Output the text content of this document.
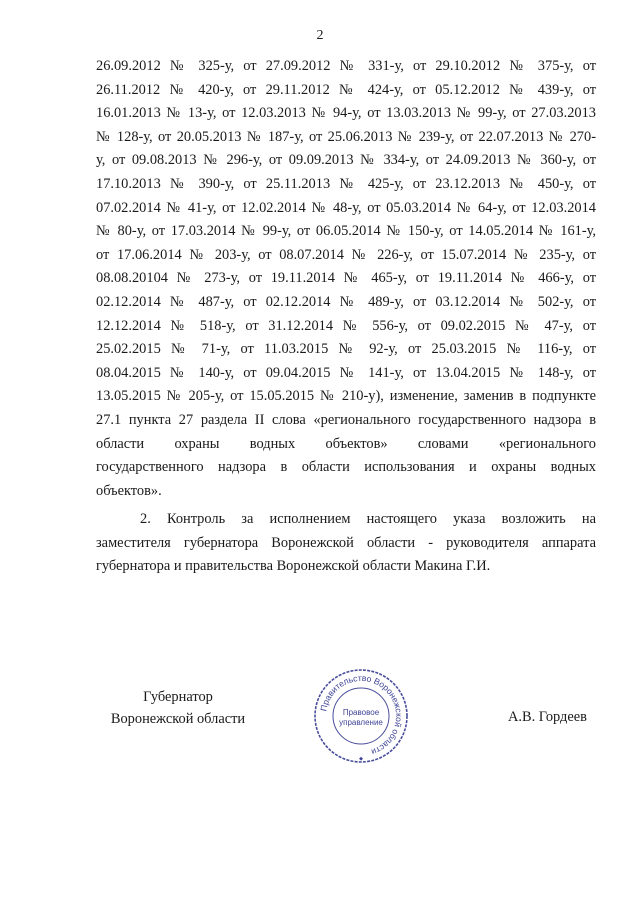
2
26.09.2012 № 325-у, от 27.09.2012 № 331-у, от 29.10.2012 № 375-у, от
26.11.2012 № 420-у, от 29.11.2012 № 424-у, от 05.12.2012 № 439-у, от
16.01.2013 № 13-у, от 12.03.2013 № 94-у, от 13.03.2013 № 99-у, от 27.03.2013
№ 128-у, от 20.05.2013 № 187-у, от 25.06.2013 № 239-у, от 22.07.2013 № 270-
у, от 09.08.2013 № 296-у, от 09.09.2013 № 334-у, от 24.09.2013 № 360-у, от
17.10.2013 № 390-у, от 25.11.2013 № 425-у, от 23.12.2013 № 450-у, от
07.02.2014 № 41-у, от 12.02.2014 № 48-у, от 05.03.2014 № 64-у, от 12.03.2014
№ 80-у, от 17.03.2014 № 99-у, от 06.05.2014 № 150-у, от 14.05.2014 № 161-у,
от 17.06.2014 № 203-у, от 08.07.2014 № 226-у, от 15.07.2014 № 235-у, от
08.08.20104 № 273-у, от 19.11.2014 № 465-у, от 19.11.2014 № 466-у, от
02.12.2014 № 487-у, от 02.12.2014 № 489-у, от 03.12.2014 № 502-у, от
12.12.2014 № 518-у, от 31.12.2014 № 556-у, от 09.02.2015 № 47-у, от
25.02.2015 № 71-у, от 11.03.2015 № 92-у, от 25.03.2015 № 116-у, от
08.04.2015 № 140-у, от 09.04.2015 № 141-у, от 13.04.2015 № 148-у, от
13.05.2015 № 205-у, от 15.05.2015 № 210-у), изменение, заменив в подпункте
27.1 пункта 27 раздела II слова «регионального государственного надзора в
области охраны водных объектов» словами «регионального
государственного надзора в области использования и охраны водных
объектов».
2. Контроль за исполнением настоящего указа возложить на
заместителя губернатора Воронежской области - руководителя аппарата
губернатора и правительства Воронежской области Макина Г.И.
Губернатор
Воронежской области	А.В. Гордеев
Правительство Воронежской области
Правовое
управление
◆
